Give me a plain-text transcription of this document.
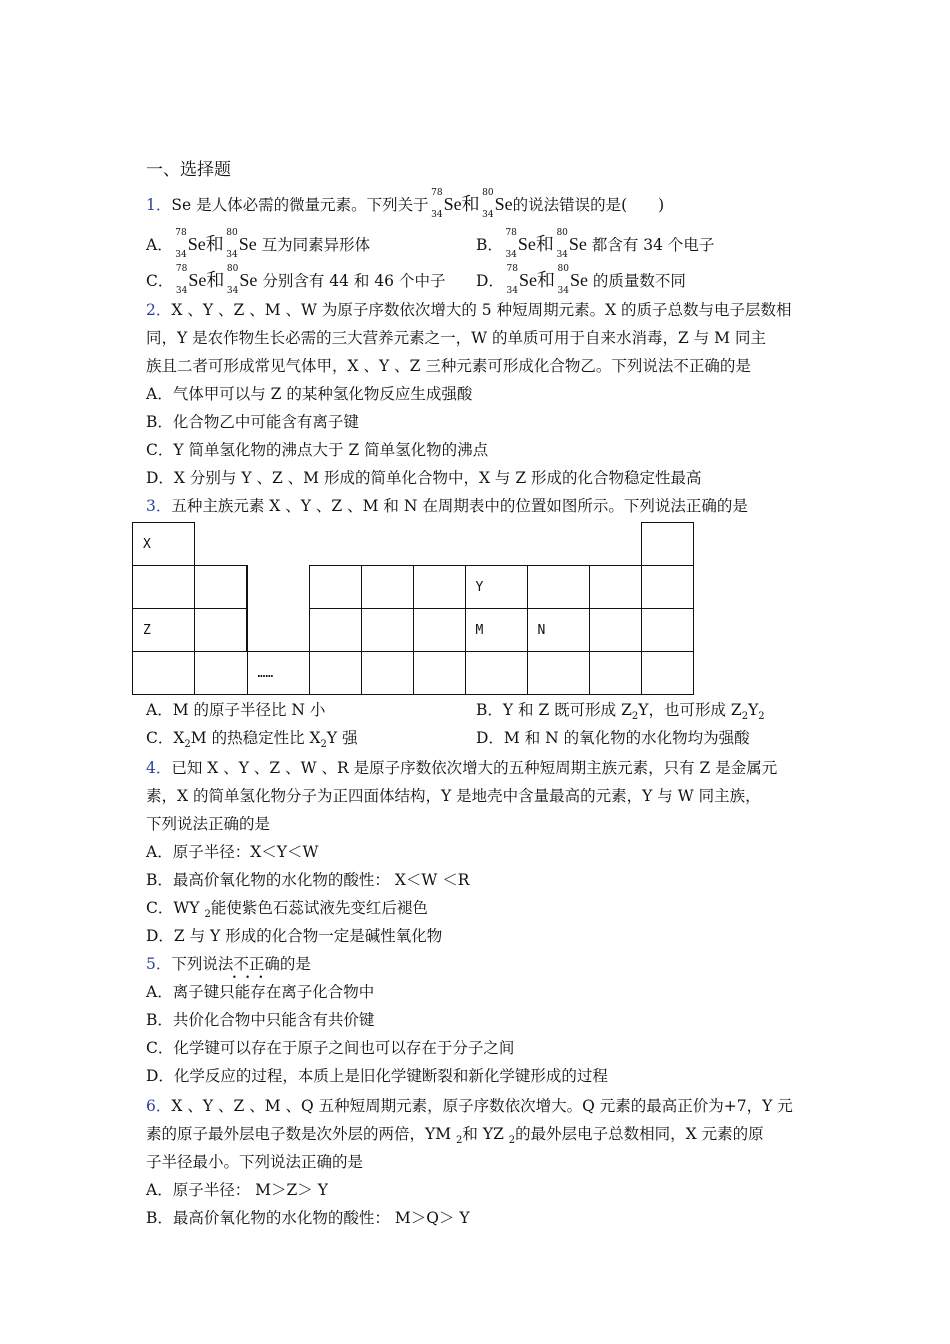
一、选择题
1．Se 是人体必需的微量元素。下列关于
78
34
Se和
80
34
Se的说法错误的是(　　)
A．
78
34
Se和
80
34
Se 互为同素异形体	B．
78
34
Se和
80
34
Se 都含有 34 个电子
C．
78
34
Se和
80
34
Se 分别含有 44 和 46 个中子 D．
78
34
Se和
80
34
Se 的质量数不同
2．X 、Y 、Z 、M 、W 为原子序数依次增大的 5 种短周期元素。X 的质子总数与电子层数相
同，Y 是农作物生长必需的三大营养元素之一，W 的单质可用于自来水消毒，Z 与 M 同主
族且二者可形成常见气体甲，X 、Y 、Z 三种元素可形成化合物乙。下列说法不正确的是
A．气体甲可以与 Z 的某种氢化物反应生成强酸
B．化合物乙中可能含有离子键
C．Y 简单氢化物的沸点大于 Z 简单氢化物的沸点
D．X 分别与 Y 、Z 、M 形成的简单化合物中，X 与 Z 形成的化合物稳定性最高
3．五种主族元素 X 、Y 、Z 、M 和 N 在周期表中的位置如图所示。下列说法正确的是
X									
						Y			
Z						M	N		
		……							
A．M 的原子半径比 N 小	B．Y 和 Z 既可形成 $Z_2Y$，也可形成 $Z_2Y_2$
C．$X_2M$ 的热稳定性比 $X_2Y$ 强	D．M 和 N 的氧化物的水化物均为强酸
4．已知 X 、Y 、Z 、W 、R 是原子序数依次增大的五种短周期主族元素，只有 Z 是金属元
素，X 的简单氢化物分子为正四面体结构，Y 是地壳中含量最高的元素，Y 与 W 同主族，
下列说法正确的是
A．原子半径：X＜Y＜W
B．最高价氧化物的水化物的酸性： X＜W ＜R
C．WY $_2$能使紫色石蕊试液先变红后褪色
D．Z 与 Y 形成的化合物一定是碱性氧化物
5．下列说法不正确的是
• • •
A．离子键只能存在离子化合物中
B．共价化合物中只能含有共价键
C．化学键可以存在于原子之间也可以存在于分子之间
D．化学反应的过程，本质上是旧化学键断裂和新化学键形成的过程
6．X 、Y 、Z 、M 、Q 五种短周期元素，原子序数依次增大。Q 元素的最高正价为+7，Y 元
素的原子最外层电子数是次外层的两倍，YM $_2$和 YZ $_2$的最外层电子总数相同，X 元素的原
子半径最小。下列说法正确的是
A．原子半径： M＞Z＞ Y
B．最高价氧化物的水化物的酸性： M＞Q＞ Y
